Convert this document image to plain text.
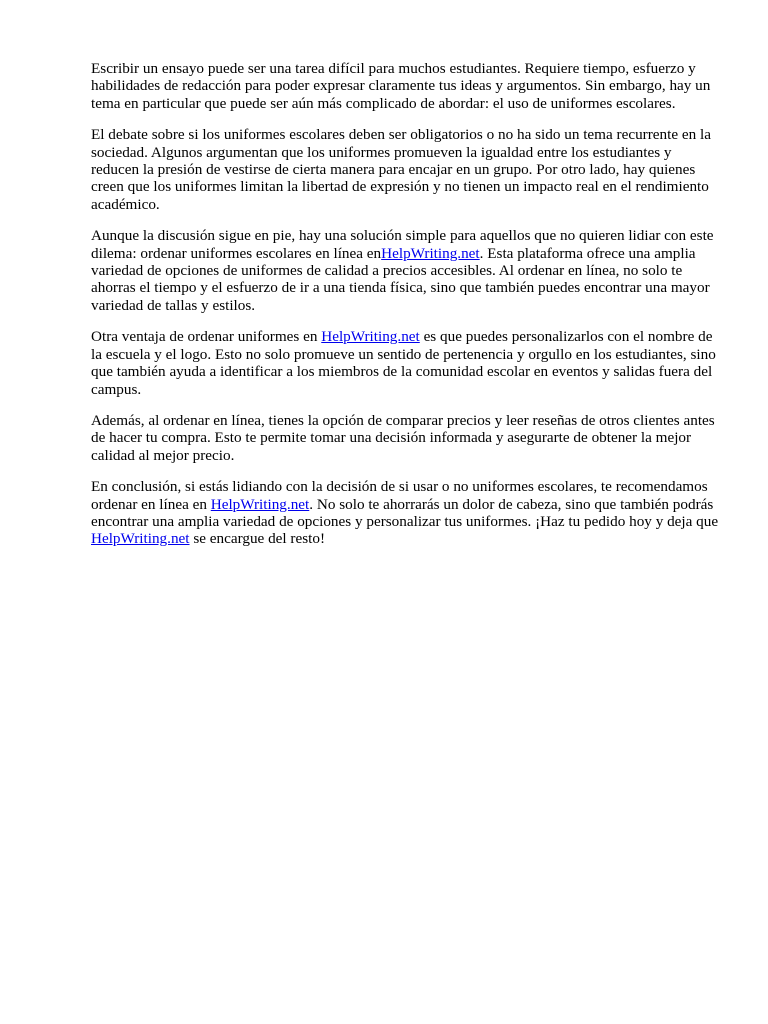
Escribir un ensayo puede ser una tarea difícil para muchos estudiantes. Requiere tiempo, esfuerzo y habilidades de redacción para poder expresar claramente tus ideas y argumentos. Sin embargo, hay un tema en particular que puede ser aún más complicado de abordar: el uso de uniformes escolares.

El debate sobre si los uniformes escolares deben ser obligatorios o no ha sido un tema recurrente en la sociedad. Algunos argumentan que los uniformes promueven la igualdad entre los estudiantes y reducen la presión de vestirse de cierta manera para encajar en un grupo. Por otro lado, hay quienes creen que los uniformes limitan la libertad de expresión y no tienen un impacto real en el rendimiento académico.

Aunque la discusión sigue en pie, hay una solución simple para aquellos que no quieren lidiar con este dilema: ordenar uniformes escolares en línea enHelpWriting.net. Esta plataforma ofrece una amplia variedad de opciones de uniformes de calidad a precios accesibles. Al ordenar en línea, no solo te ahorras el tiempo y el esfuerzo de ir a una tienda física, sino que también puedes encontrar una mayor variedad de tallas y estilos.

Otra ventaja de ordenar uniformes en HelpWriting.net es que puedes personalizarlos con el nombre de la escuela y el logo. Esto no solo promueve un sentido de pertenencia y orgullo en los estudiantes, sino que también ayuda a identificar a los miembros de la comunidad escolar en eventos y salidas fuera del campus.

Además, al ordenar en línea, tienes la opción de comparar precios y leer reseñas de otros clientes antes de hacer tu compra. Esto te permite tomar una decisión informada y asegurarte de obtener la mejor calidad al mejor precio.

En conclusión, si estás lidiando con la decisión de si usar o no uniformes escolares, te recomendamos ordenar en línea en HelpWriting.net. No solo te ahorrarás un dolor de cabeza, sino que también podrás encontrar una amplia variedad de opciones y personalizar tus uniformes. ¡Haz tu pedido hoy y deja que HelpWriting.net se encargue del resto!
